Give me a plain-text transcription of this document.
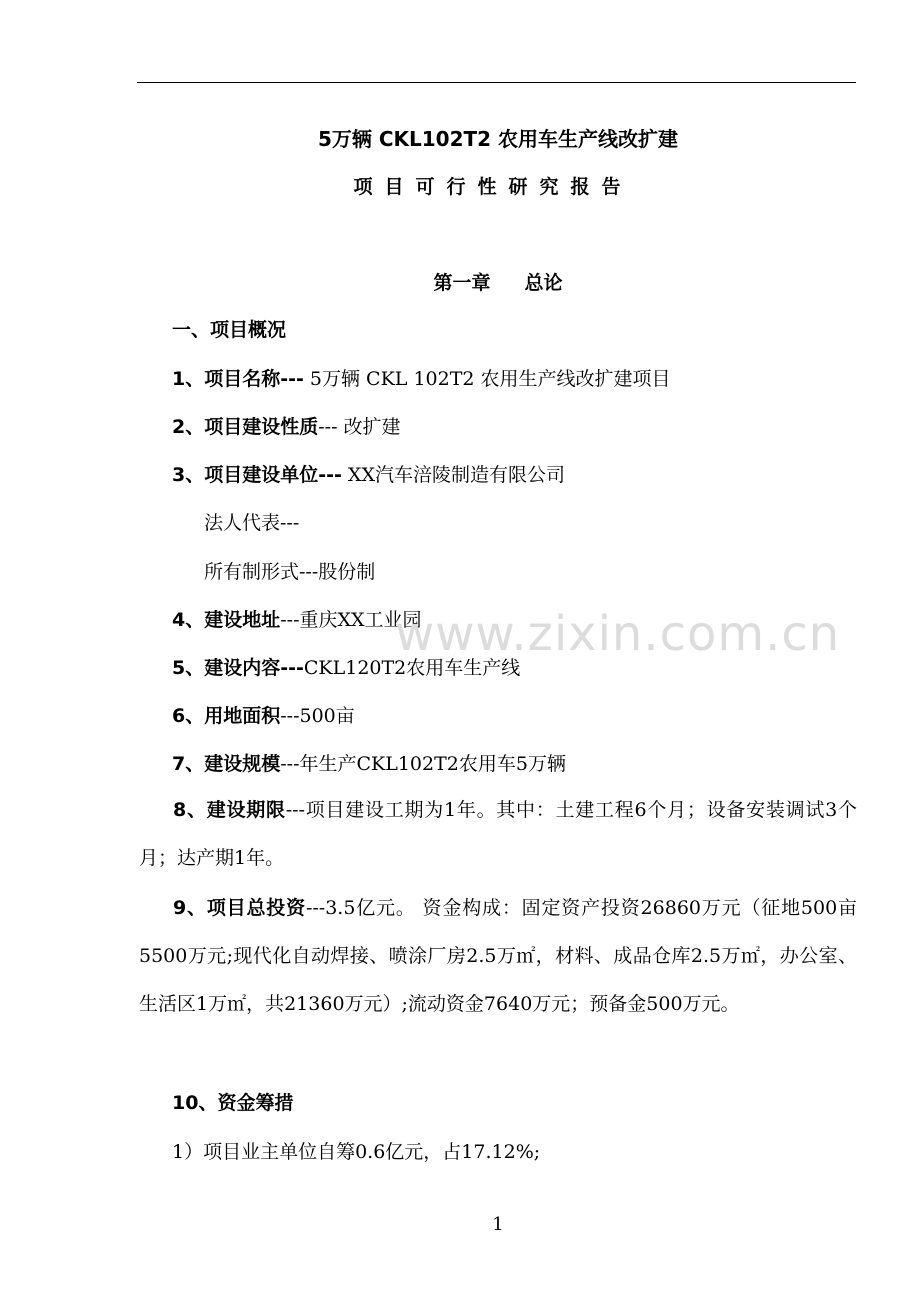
5万辆 CKL102T2 农用车生产线改扩建
项目可行性研究报告
第一章 总论
一、项目概况
1、项目名称--- 5万辆 CKL 102T2 农用生产线改扩建项目
2、项目建设性质--- 改扩建
3、项目建设单位--- XX汽车涪陵制造有限公司
法人代表---
所有制形式---股份制
4、建设地址---重庆XX工业园
5、建设内容---CKL120T2农用车生产线
6、用地面积---500亩
7、建设规模---年生产CKL102T2农用车5万辆
8、建设期限---项目建设工期为1年。其中：土建工程6个月；设备安装调试3个月；达产期1年。
9、项目总投资---3.5亿元。 资金构成：固定资产投资26860万元（征地500亩5500万元;现代化自动焊接、喷涂厂房2.5万㎡，材料、成品仓库2.5万㎡，办公室、生活区1万㎡，共21360万元）;流动资金7640万元；预备金500万元。
10、资金筹措
1）项目业主单位自筹0.6亿元，占17.12%;
1
www.zixin.com.cn
